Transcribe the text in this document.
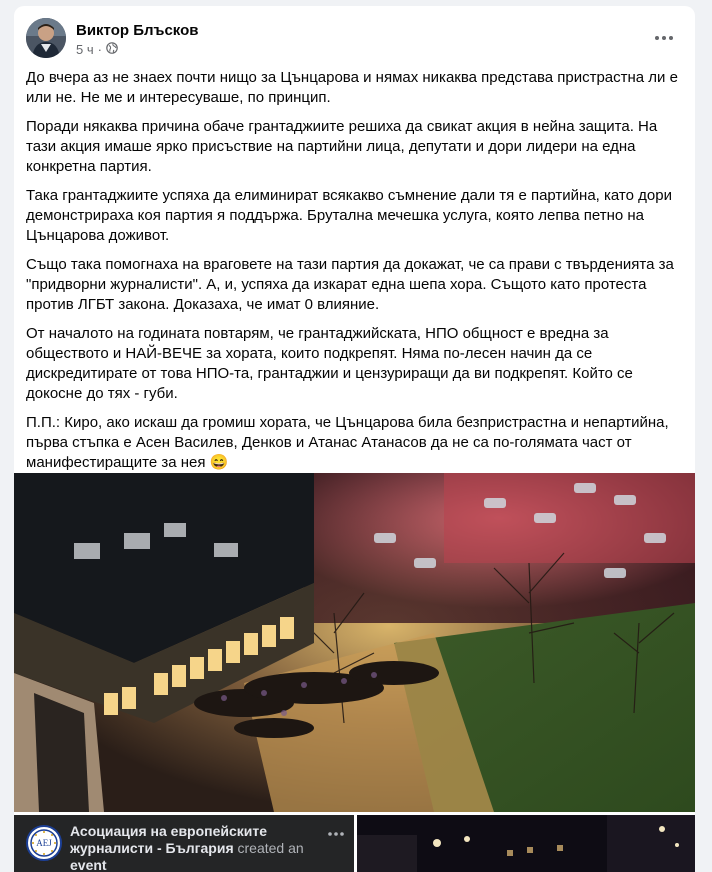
Виктор Блъсков
5 ч ·

До вчера аз не знаех почти нищо за Цънцарова и нямах никаква представа пристрастна ли е или не. Не ме и интересуваше, по принцип.

Поради някаква причина обаче грантаджиите решиха да свикат акция в нейна защита. На тази акция имаше ярко присъствие на партийни лица, депутати и дори лидери на една конкретна партия.

Така грантаджиите успяха да елиминират всякакво съмнение дали тя е партийна, като дори демонстрираха коя партия я поддържа. Брутална мечешка услуга, която лепва петно на Цънцарова доживот.

Също така помогнаха на враговете на тази партия да докажат, че са прави с твърденията за "придворни журналисти". А, и, успяха да изкарат една шепа хора. Същото като протеста против ЛГБТ закона. Доказаха, че имат 0 влияние.

От началото на годината повтарям, че грантаджийската, НПО общност е вредна за обществото и НАЙ-ВЕЧЕ за хората, които подкрепят. Няма по-лесен начин да се дискредитирате от това НПО-та, грантаджии и цензуриращи да ви подкрепят. Който се докосне до тях - губи.

П.П.: Киро, ако искаш да громиш хората, че Цънцарова била безпристрастна и непартийна, първа стъпка е Асен Василев, Денков и Атанас Атанасов да не са по-голямата част от манифестиращите за нея 😄

AEJ
Асоциация на европейските журналисти - България created an event
